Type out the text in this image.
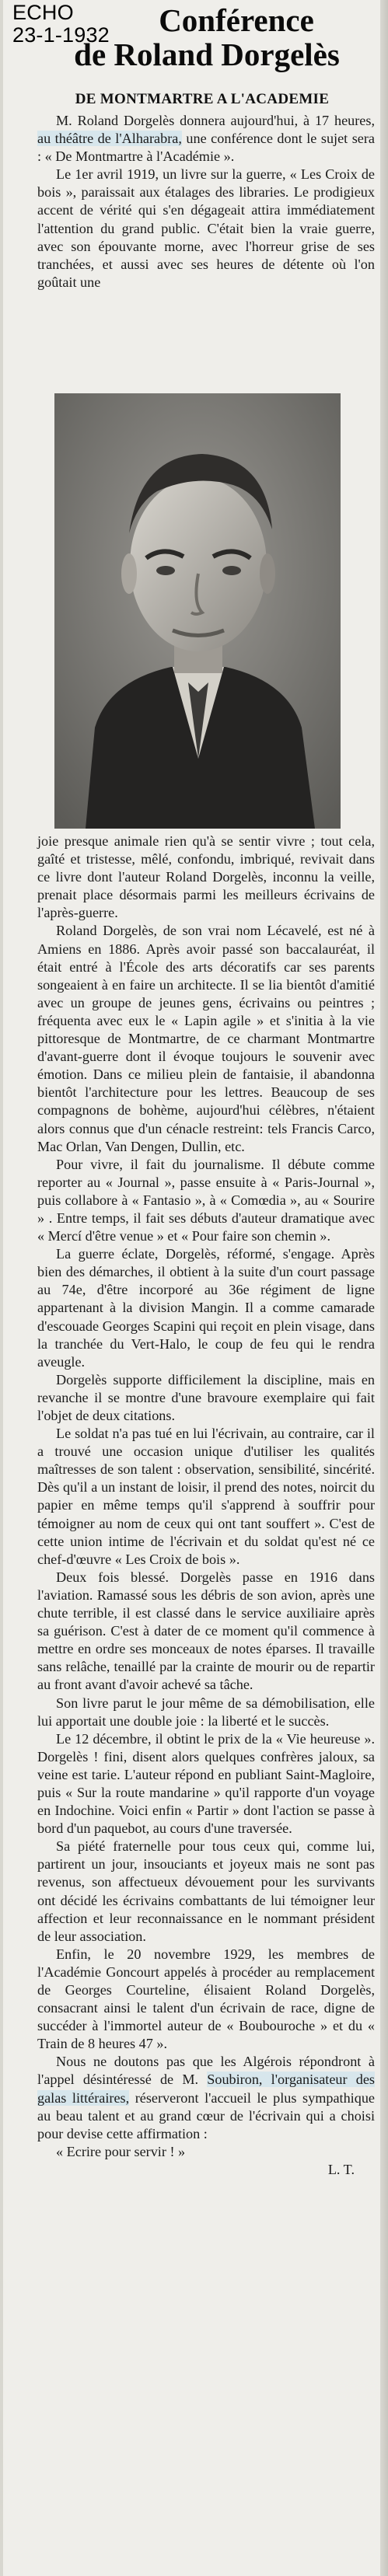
ECHO
23-1-1932	Conférence
de Roland Dorgelès
DE MONTMARTRE A L'ACADEMIE

M. Roland Dorgelès donnera aujourd'hui, à 17 heures, au théâtre de l'Alharabra, une conférence dont le sujet sera : « De Montmartre à l'Académie ».

Le 1er avril 1919, un livre sur la guerre, « Les Croix de bois », paraissait aux étalages des libraries. Le prodigieux accent de vérité qui s'en dégageait attira immédiatement l'attention du grand public. C'était bien la vraie guerre, avec son épouvante morne, avec l'horreur grise de ses tranchées, et aussi avec ses heures de détente où l'on goûtait une

joie presque animale rien qu'à se sentir vivre ; tout cela, gaîté et tristesse, mêlé, confondu, imbriqué, revivait dans ce livre dont l'auteur Roland Dorgelès, inconnu la veille, prenait place désormais parmi les meilleurs écrivains de l'après-guerre.

Roland Dorgelès, de son vrai nom Lécavelé, est né à Amiens en 1886. Après avoir passé son baccalauréat, il était entré à l'École des arts décoratifs car ses parents songeaient à en faire un architecte. Il se lia bientôt d'amitié avec un groupe de jeunes gens, écrivains ou peintres ; fréquenta avec eux le « Lapin agile » et s'initia à la vie pittoresque de Montmartre, de ce charmant Montmartre d'avant-guerre dont il évoque toujours le souvenir avec émotion. Dans ce milieu plein de fantaisie, il abandonna bientôt l'architecture pour les lettres. Beaucoup de ses compagnons de bohème, aujourd'hui célèbres, n'étaient alors connus que d'un cénacle restreint: tels Francis Carco, Mac Orlan, Van Dengen, Dullin, etc.

Pour vivre, il fait du journalisme. Il débute comme reporter au « Journal », passe ensuite à « Paris-Journal », puis collabore à « Fantasio », à « Comœdia », au « Sourire » . Entre temps, il fait ses débuts d'auteur dramatique avec « Mercí d'être venue » et « Pour faire son chemin ».

La guerre éclate, Dorgelès, réformé, s'engage. Après bien des démarches, il obtient à la suite d'un court passage au 74e, d'être incorporé au 36e régiment de ligne appartenant à la division Mangin. Il a comme camarade d'escouade Georges Scapini qui reçoit en plein visage, dans la tranchée du Vert-Halo, le coup de feu qui le rendra aveugle.

Dorgelès supporte difficilement la discipline, mais en revanche il se montre d'une bravoure exemplaire qui fait l'objet de deux citations.

Le soldat n'a pas tué en lui l'écrivain, au contraire, car il a trouvé une occasion unique d'utiliser les qualités maîtresses de son talent : observation, sensibilité, sincérité. Dès qu'il a un instant de loisir, il prend des notes, noircit du papier en même temps qu'il s'apprend à souffrir pour témoigner au nom de ceux qui ont tant souffert ». C'est de cette union intime de l'écrivain et du soldat qu'est né ce chef-d'œuvre « Les Croix de bois ».

Deux fois blessé. Dorgelès passe en 1916 dans l'aviation. Ramassé sous les débris de son avion, après une chute terrible, il est classé dans le service auxiliaire après sa guérison. C'est à dater de ce moment qu'il commence à mettre en ordre ses monceaux de notes éparses. Il travaille sans relâche, tenaillé par la crainte de mourir ou de repartir au front avant d'avoir achevé sa tâche.

Son livre parut le jour même de sa démobilisation, elle lui apportait une double joie : la liberté et le succès.

Le 12 décembre, il obtint le prix de la « Vie heureuse ». Dorgelès ! fini, disent alors quelques confrères jaloux, sa veine est tarie. L'auteur répond en publiant Saint-Magloire, puis « Sur la route mandarine » qu'il rapporte d'un voyage en Indochine. Voici enfin « Partir » dont l'action se passe à bord d'un paquebot, au cours d'une traversée.

Sa piété fraternelle pour tous ceux qui, comme lui, partirent un jour, insouciants et joyeux mais ne sont pas revenus, son affectueux dévouement pour les survivants ont décidé les écrivains combattants de lui témoigner leur affection et leur reconnaissance en le nommant président de leur association.

Enfin, le 20 novembre 1929, les membres de l'Académie Goncourt appelés à procéder au remplacement de Georges Courteline, élisaient Roland Dorgelès, consacrant ainsi le talent d'un écrivain de race, digne de succéder à l'immortel auteur de « Boubouroche » et du « Train de 8 heures 47 ».

Nous ne doutons pas que les Algérois répondront à l'appel désintéressé de M. Soubiron, l'organisateur des galas littéraires, réserveront l'accueil le plus sympathique au beau talent et au grand cœur de l'écrivain qui a choisi pour devise cette affirmation :

« Ecrire pour servir ! »

L. T.
